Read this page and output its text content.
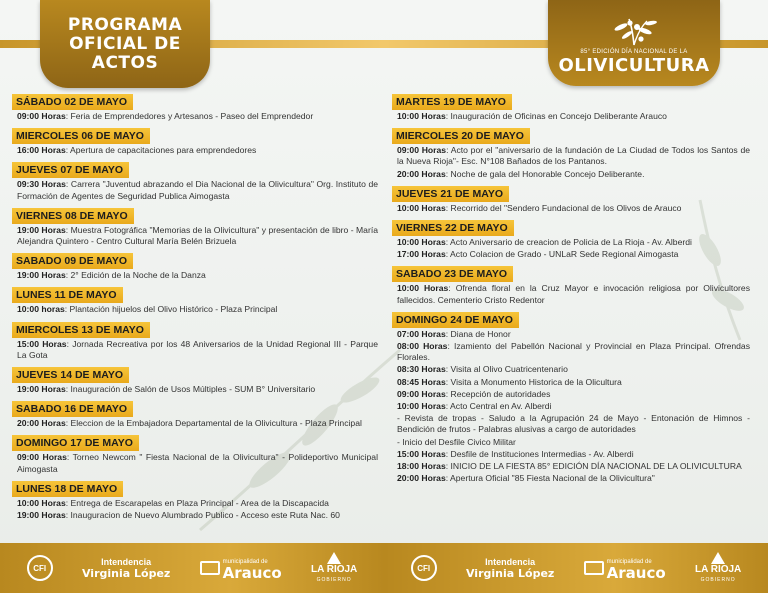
PROGRAMA
OFICIAL DE
ACTOS
85° EDICIÓN DÍA NACIONAL DE LA
OLIVICULTURA
SÁBADO 02 DE MAYO
09:00 Horas: Feria de Emprendedores y Artesanos - Paseo del Emprendedor
MIERCOLES 06 DE MAYO
16:00 Horas: Apertura de capacitaciones para emprendedores
JUEVES 07 DE MAYO
09:30 Horas: Carrera "Juventud abrazando el Dia Nacional de la Olivicultura" Org. Instituto de Formación de Agentes de Seguridad Publica Aimogasta
VIERNES 08 DE MAYO
19:00 Horas: Muestra Fotográfica "Memorias de la Olivicultura" y presentación de libro - María Alejandra Quintero - Centro Cultural María Belén Brizuela
SABADO 09 DE MAYO
19:00 Horas: 2° Edición de la Noche de la Danza
LUNES 11 DE MAYO
10:00 horas: Plantación hijuelos del Olivo Histórico - Plaza Principal
MIERCOLES 13 DE MAYO
15:00 Horas: Jornada Recreativa por los 48 Aniversarios de la Unidad Regional III - Parque La Gota
JUEVES 14 DE MAYO
19:00 Horas: Inauguración de Salón de Usos Múltiples - SUM B° Universitario
SABADO 16 DE MAYO
20:00 Horas: Eleccion de la Embajadora Departamental de la Olivicultura - Plaza Principal
DOMINGO 17 DE MAYO
09:00 Horas: Torneo Newcom " Fiesta Nacional de la Olivicultura" - Polideportivo Municipal Aimogasta
LUNES 18 DE MAYO
10:00 Horas: Entrega de Escarapelas en Plaza Principal - Area de la Discapacida
19:00 Horas: Inauguracion de Nuevo Alumbrado Publico - Acceso este Ruta Nac. 60
MARTES 19 DE MAYO
10:00 Horas: Inauguración de Oficinas en Concejo Deliberante Arauco
MIERCOLES 20 DE MAYO
09:00 Horas: Acto por el "aniversario de la fundación de La Ciudad de Todos los Santos de la Nueva Rioja"- Esc. N°108 Bañados de los Pantanos.
20:00 Horas: Noche de gala del Honorable Concejo Deliberante.
JUEVES 21 DE MAYO
10:00 Horas: Recorrido del "Sendero Fundacional de los Olivos de Arauco
VIERNES 22 DE MAYO
10:00 Horas: Acto Aniversario de creacion de Policia de La Rioja - Av. Alberdi
17:00 Horas: Acto Colacion de Grado - UNLaR Sede Regional Aimogasta
SABADO 23 DE MAYO
10:00 Horas: Ofrenda floral en la Cruz Mayor e invocación religiosa por Olivicultores fallecidos. Cementerio Cristo Redentor
DOMINGO 24 DE MAYO
07:00 Horas: Diana de Honor
08:00 Horas: Izamiento del Pabellón Nacional y Provincial en Plaza Principal. Ofrendas Florales.
08:30 Horas: Visita al Olivo Cuatricentenario
08:45 Horas: Visita a Monumento Historica de la Olicultura
09:00 Horas: Recepción de autoridades
10:00 Horas: Acto Central en Av. Alberdi
- Revista de tropas - Saludo a la Agrupación 24 de Mayo - Entonación de Himnos - Bendición de frutos - Palabras alusivas a cargo de autoridades
- Inicio del Desfile Civico Militar
15:00 Horas: Desfile de Instituciones Intermedias - Av. Alberdi
18:00 Horas: INICIO DE LA FIESTA 85° EDICIÓN DÍA NACIONAL DE LA OLIVICULTURA
20:00 Horas: Apertura Oficial "85 Fiesta Nacional de la Olivicultura"
CFI
Intendencia
Virginia López
municipalidad de
Arauco	LA RIOJA
GOBIERNO
CFI
Intendencia
Virginia López
municipalidad de
Arauco	LA RIOJA
GOBIERNO
